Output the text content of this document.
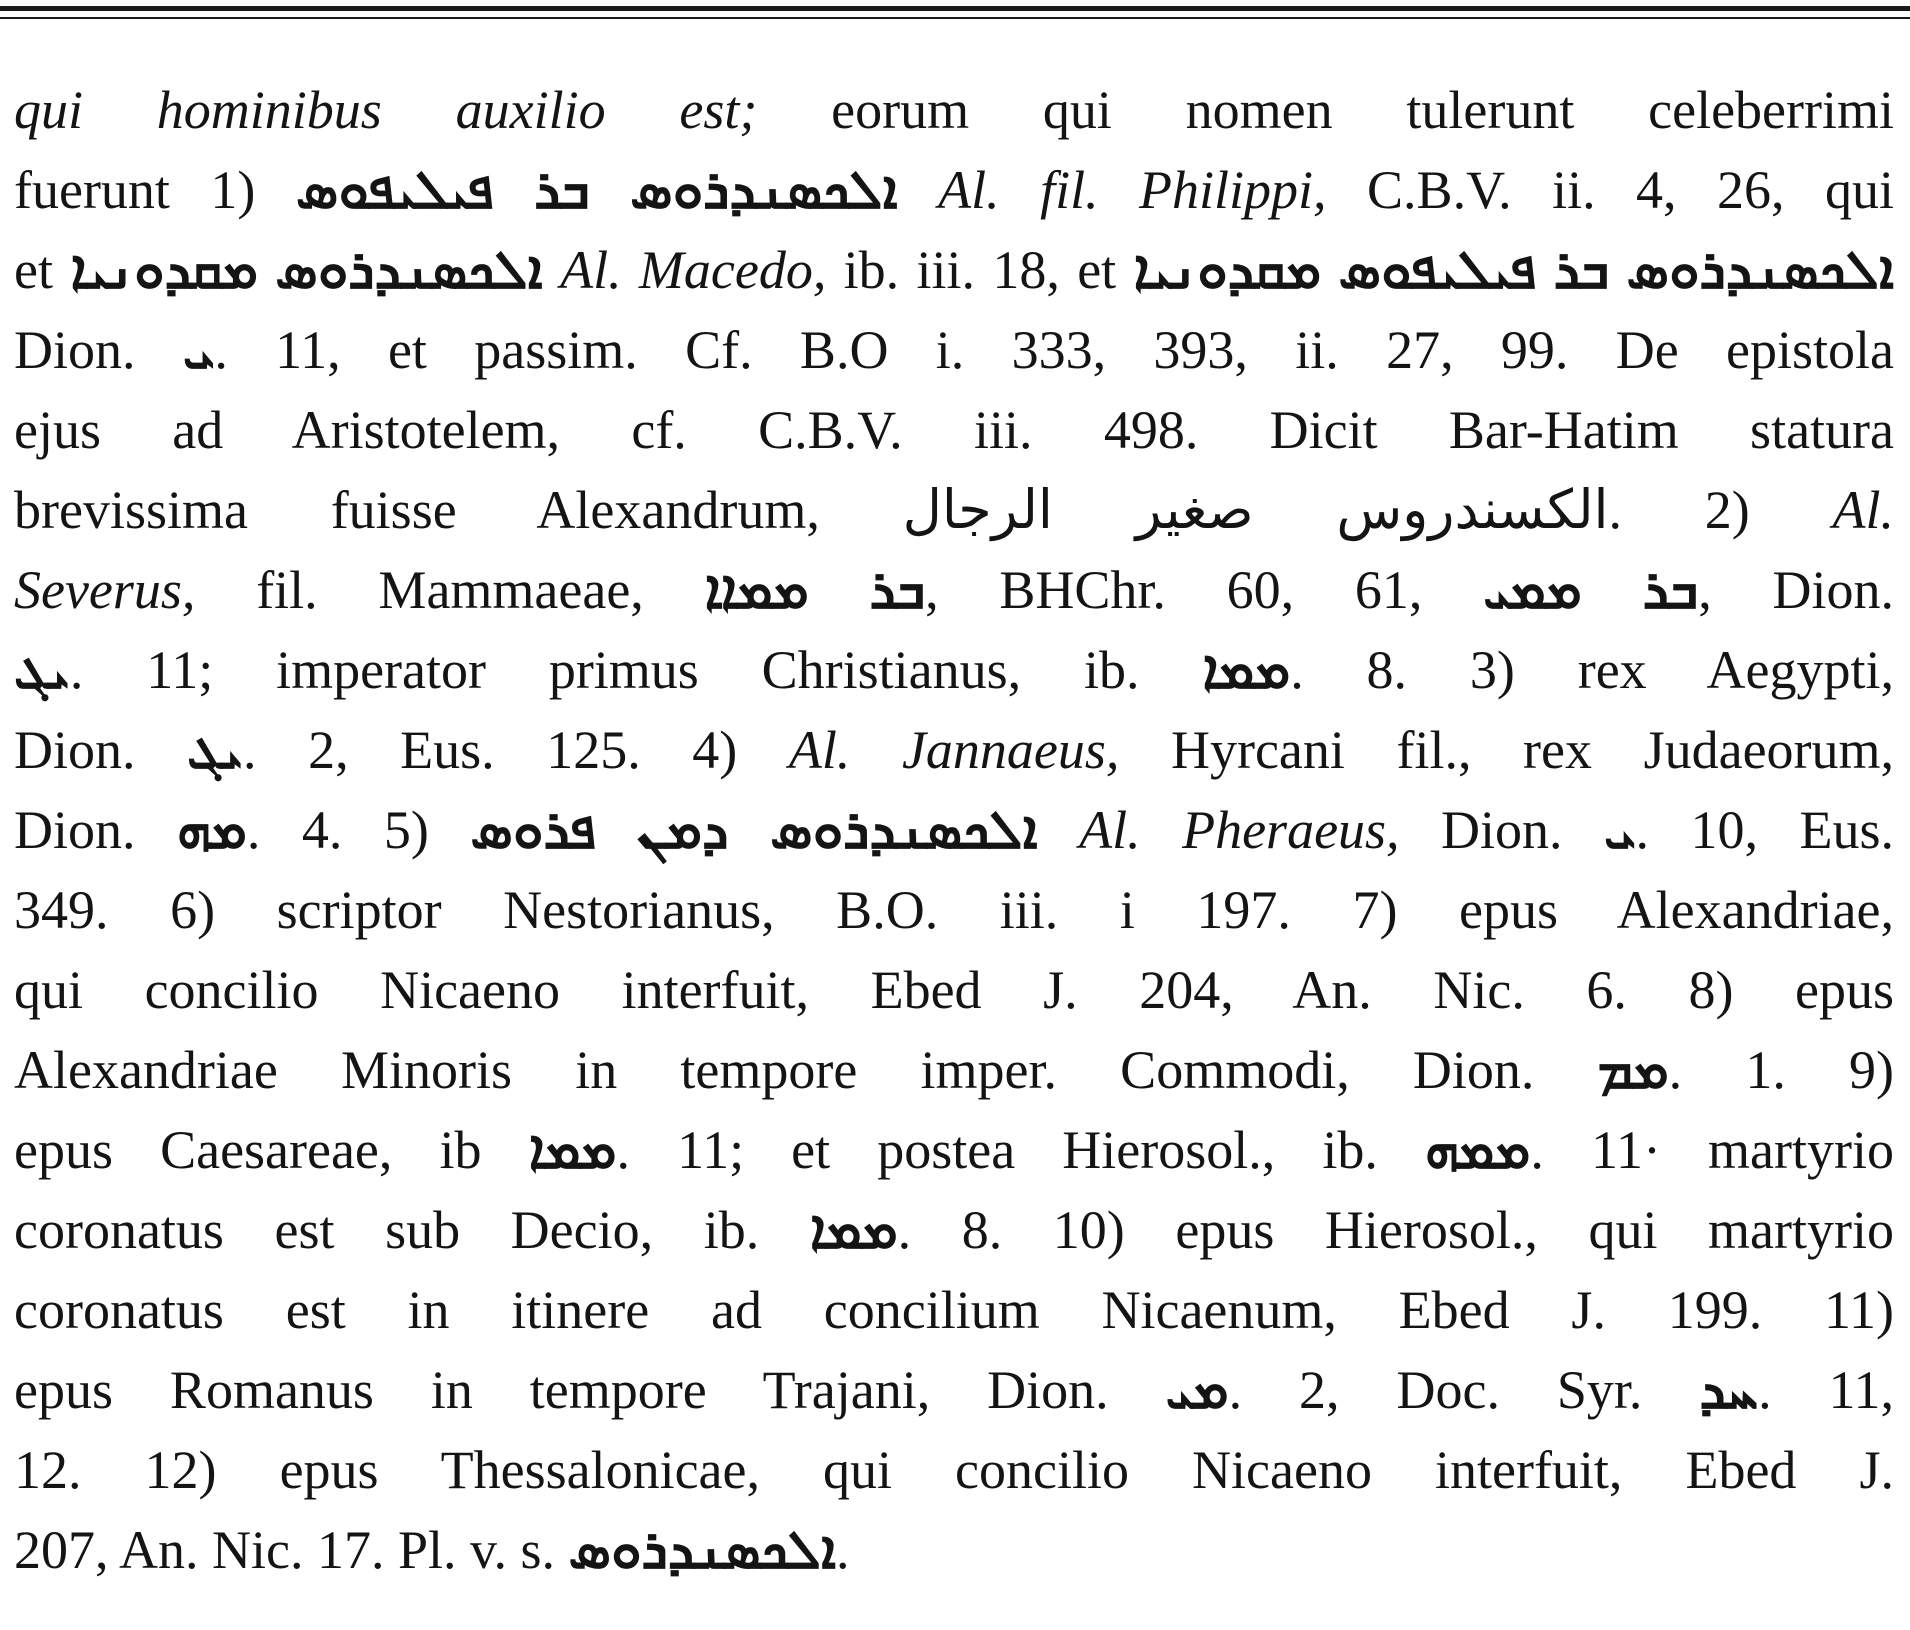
qui hominibus auxilio est; eorum qui nomen tulerunt celeberrimi
fuerunt 1) ܐܠܟܣܢܕܪܘܣ ܒܪ ܦܝܠܝܦܘܣ Al. fil. Philippi, C.B.V. ii. 4, 26, qui
et ܐܠܟܣܢܕܪܘܣ ܡܩܕܘܢܝܐ Al. Macedo, ib. iii. 18, et ܐܠܟܣܢܕܪܘܣ ܒܪ ܦܝܠܝܦܘܣ ܡܩܕܘܢܝܐ
Dion. ܝ. 11, et passim. Cf. B.O i. 333, 393, ii. 27, 99. De epistola
ejus ad Aristotelem, cf. C.B.V. iii. 498. Dicit Bar-Hatim statura
brevissima fuisse Alexandrum, الكسندروس صغير الرجال. 2) Al.
Severus, fil. Mammaeae, ܒܪ ܡܡܐܐ, BHChr. 60, 61, ܒܪ ܡܡܝ, Dion.
ܝܓ. 11; imperator primus Christianus, ib. ܡܡܐ. 8. 3) rex Aegypti,
Dion. ܝܓ. 2, Eus. 125. 4) Al. Jannaeus, Hyrcani fil., rex Judaeorum,
Dion. ܡܗ. 4. 5) ܐܠܟܣܢܕܪܘܣ ܕܡܢ ܦܪܘܣ Al. Pheraeus, Dion. ܝ. 10, Eus.
349. 6) scriptor Nestorianus, B.O. iii. i 197. 7) epus Alexandriae,
qui concilio Nicaeno interfuit, Ebed J. 204, An. Nic. 6. 8) epus
Alexandriae Minoris in tempore imper. Commodi, Dion. ܡܡ. 1. 9)
epus Caesareae, ib ܡܡܐ. 11; et postea Hierosol., ib. ܡܡܗ. 11· martyrio
coronatus est sub Decio, ib. ܡܡܐ. 8. 10) epus Hierosol., qui martyrio
coronatus est in itinere ad concilium Nicaenum, Ebed J. 199. 11)
epus Romanus in tempore Trajani, Dion. ܡܝ. 2, Doc. Syr. ܚܕ. 11,
12. 12) epus Thessalonicae, qui concilio Nicaeno interfuit, Ebed J.
207, An. Nic. 17. Pl. v. s. ܐܠܟܣܢܕܪܘܣ.
